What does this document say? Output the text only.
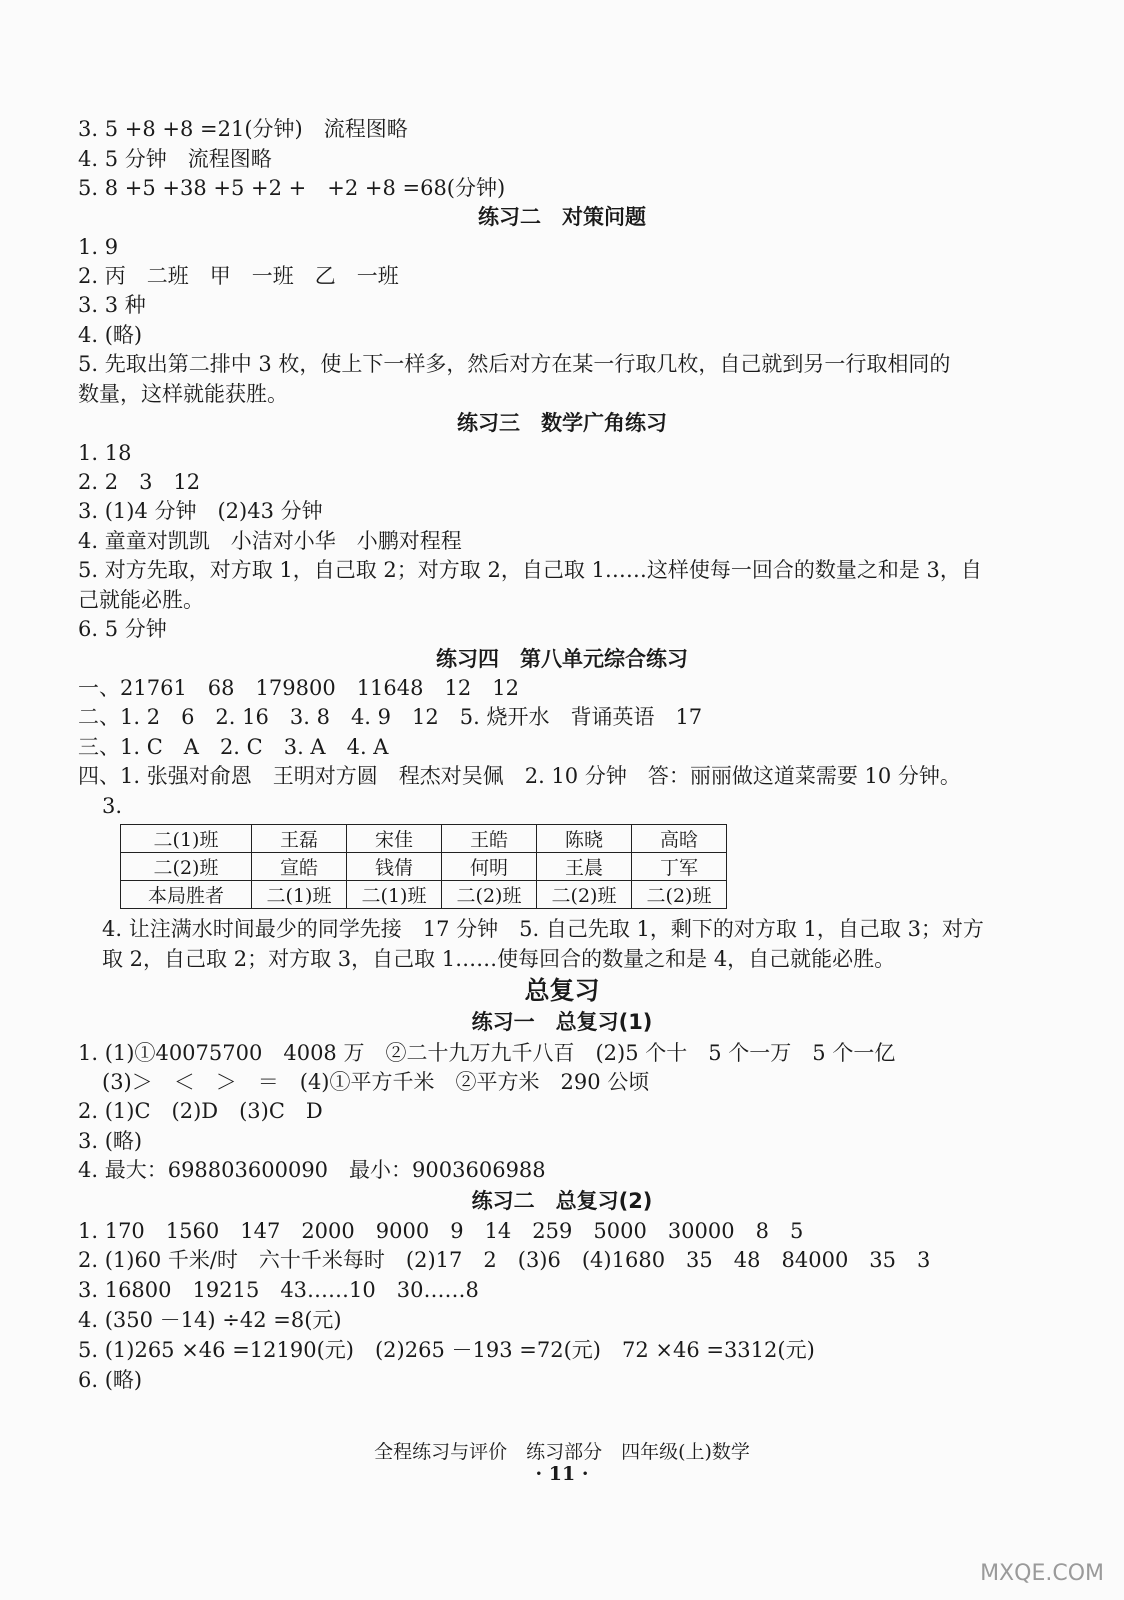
3. 5 +8 +8 =21(分钟)　流程图略
4. 5 分钟　流程图略
5. 8 +5 +38 +5 +2 +　+2 +8 =68(分钟)
练习二　对策问题
1. 9
2. 丙　二班　甲　一班　乙　一班
3. 3 种
4. (略)
5. 先取出第二排中 3 枚，使上下一样多，然后对方在某一行取几枚，自己就到另一行取相同的
数量，这样就能获胜。
练习三　数学广角练习
1. 18
2. 2　3　12
3. (1)4 分钟　(2)43 分钟
4. 童童对凯凯　小洁对小华　小鹏对程程
5. 对方先取，对方取 1，自己取 2；对方取 2，自己取 1……这样使每一回合的数量之和是 3，自
己就能必胜。
6. 5 分钟
练习四　第八单元综合练习
一、21761　68　179800　11648　12　12
二、1. 2　6　2. 16　3. 8　4. 9　12　5. 烧开水　背诵英语　17
三、1. C　A　2. C　3. A　4. A
四、1. 张强对俞恩　王明对方圆　程杰对吴佩　2. 10 分钟　答：丽丽做这道菜需要 10 分钟。
3.
二(1)班	王磊	宋佳	王皓	陈晓	高晗
二(2)班	宣皓	钱倩	何明	王晨	丁军
本局胜者	二(1)班	二(1)班	二(2)班	二(2)班	二(2)班
4. 让注满水时间最少的同学先接　17 分钟　5. 自己先取 1，剩下的对方取 1，自己取 3；对方
取 2，自己取 2；对方取 3，自己取 1……使每回合的数量之和是 4，自己就能必胜。
总复习
练习一　总复习(1)
1. (1)①40075700　4008 万　②二十九万九千八百　(2)5 个十　5 个一万　5 个一亿
(3)＞　＜　＞　＝　(4)①平方千米　②平方米　290 公顷
2. (1)C　(2)D　(3)C　D
3. (略)
4. 最大：698803600090　最小：9003606988
练习二　总复习(2)
1. 170　1560　147　2000　9000　9　14　259　5000　30000　8　5
2. (1)60 千米/时　六十千米每时　(2)17　2　(3)6　(4)1680　35　48　84000　35　3
3. 16800　19215　43……10　30……8
4. (350 －14) ÷42 =8(元)
5. (1)265 ×46 =12190(元)　(2)265 －193 =72(元)　72 ×46 =3312(元)
6. (略)
全程练习与评价　练习部分　四年级(上)数学
· 11 ·
MXQE.COM
